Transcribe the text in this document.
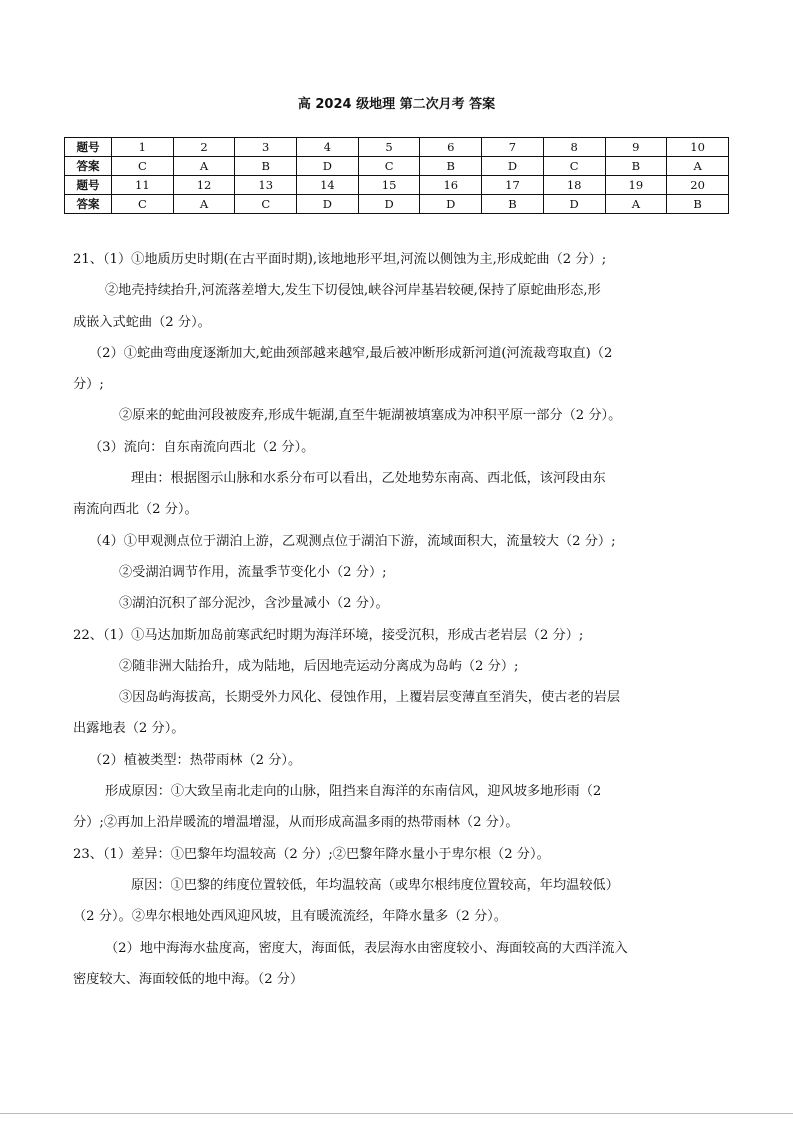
高 2024 级地理 第二次月考 答案
题号	1	2	3	4	5	6	7	8	9	10
答案	C	A	B	D	C	B	D	C	B	A
题号	11	12	13	14	15	16	17	18	19	20
答案	C	A	C	D	D	D	B	D	A	B

21、（1）①地质历史时期(在古平面时期),该地地形平坦,河流以侧蚀为主,形成蛇曲（2 分）;

②地壳持续抬升,河流落差增大,发生下切侵蚀,峡谷河岸基岩较硬,保持了原蛇曲形态,形

成嵌入式蛇曲（2 分）。

（2）①蛇曲弯曲度逐渐加大,蛇曲颈部越来越窄,最后被冲断形成新河道(河流裁弯取直)（2

分）;

②原来的蛇曲河段被废弃,形成牛轭湖,直至牛轭湖被填塞成为冲积平原一部分（2 分）。

（3）流向：自东南流向西北（2 分）。

理由：根据图示山脉和水系分布可以看出，乙处地势东南高、西北低，该河段由东

南流向西北（2 分）。

（4）①甲观测点位于湖泊上游，乙观测点位于湖泊下游，流域面积大，流量较大（2 分）;

②受湖泊调节作用，流量季节变化小（2 分）;

③湖泊沉积了部分泥沙，含沙量减小（2 分）。

22、（1）①马达加斯加岛前寒武纪时期为海洋环境，接受沉积，形成古老岩层（2 分）;

②随非洲大陆抬升，成为陆地，后因地壳运动分离成为岛屿（2 分）;

③因岛屿海拔高，长期受外力风化、侵蚀作用，上覆岩层变薄直至消失，使古老的岩层

出露地表（2 分）。

（2）植被类型：热带雨林（2 分）。

形成原因：①大致呈南北走向的山脉，阻挡来自海洋的东南信风，迎风坡多地形雨（2

分）;②再加上沿岸暖流的增温增湿，从而形成高温多雨的热带雨林（2 分）。

23、（1）差异：①巴黎年均温较高（2 分）;②巴黎年降水量小于卑尔根（2 分）。

原因：①巴黎的纬度位置较低，年均温较高（或卑尔根纬度位置较高，年均温较低）

（2 分）。②卑尔根地处西风迎风坡，且有暖流流经，年降水量多（2 分）。

（2）地中海海水盐度高，密度大，海面低，表层海水由密度较小、海面较高的大西洋流入

密度较大、海面较低的地中海。（2 分）
